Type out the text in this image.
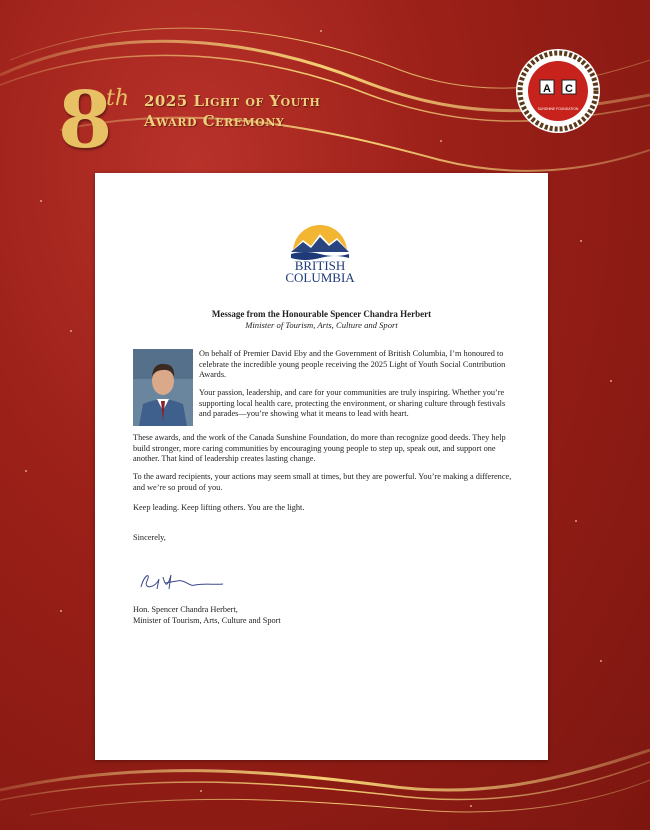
8
th 2025 Light of Youth
Award Ceremony
A C
SUNSHINE FOUNDATION
BRITISH
COLUMBIA
Message from the Honourable Spencer Chandra Herbert
Minister of Tourism, Arts, Culture and Sport
On behalf of Premier David Eby and the Government of British Columbia, I’m honoured to celebrate the incredible young people receiving the 2025 Light of Youth Social Contribution Awards.
Your passion, leadership, and care for your communities are truly inspiring. Whether you’re supporting local health care, protecting the environment, or sharing culture through festivals and parades—you’re showing what it means to lead with heart.
These awards, and the work of the Canada Sunshine Foundation, do more than recognize good deeds. They help build stronger, more caring communities by encouraging young people to step up, speak out, and support one another. That kind of leadership creates lasting change.
To the award recipients, your actions may seem small at times, but they are powerful. You’re making a difference, and we’re so proud of you.
Keep leading. Keep lifting others. You are the light.
Sincerely,
Hon. Spencer Chandra Herbert,
Minister of Tourism, Arts, Culture and Sport
